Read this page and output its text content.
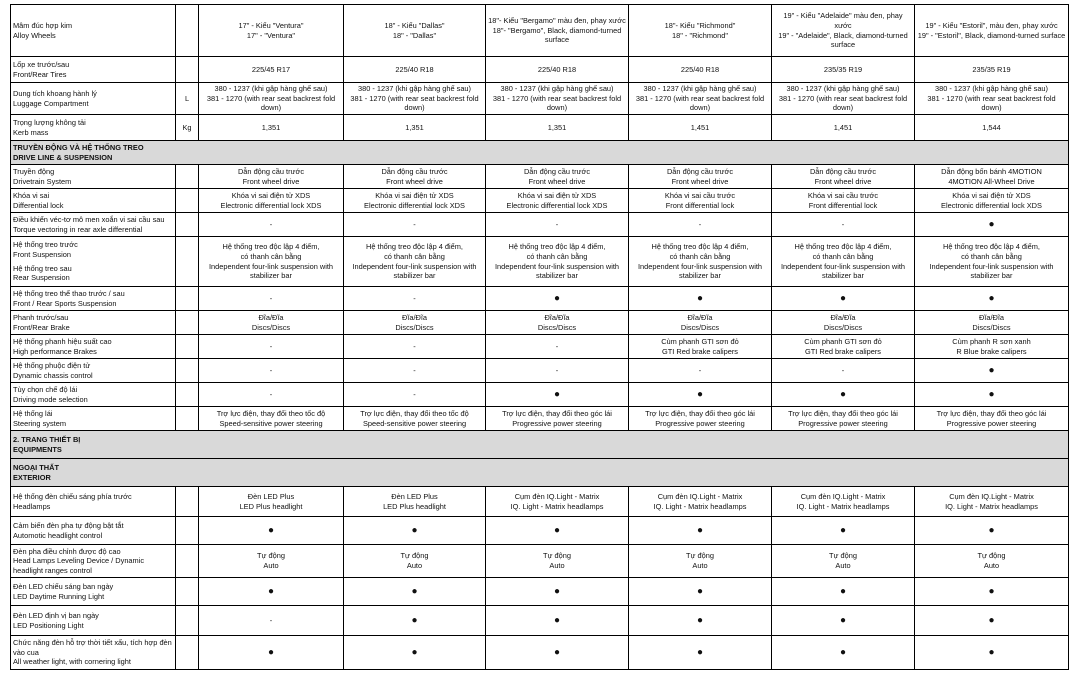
Mâm đúc hợp kim
Alloy Wheels		17" - Kiểu "Ventura"
17" - "Ventura"	18" - Kiểu "Dallas"
18" - "Dallas"	18"- Kiểu "Bergamo" màu đen, phay xước
18"- "Bergamo", Black, diamond-turned surface	18"- Kiểu "Richmond"
18" - "Richmond"	19" - Kiểu "Adelaide" màu đen, phay xước
19" - "Adelaide", Black, diamond-turned surface	19" - Kiểu "Estoril", màu đen, phay xước
19" - "Estoril", Black, diamond-turned surface

Lốp xe trước/sau
Front/Rear Tires		225/45 R17	225/40 R18	225/40 R18	225/40 R18	235/35 R19	235/35 R19

Dung tích khoang hành lý
Luggage Compartment	L	380 - 1237 (khi gập hàng ghế sau)
381 - 1270 (with rear seat backrest fold down)	380 - 1237 (khi gập hàng ghế sau)
381 - 1270 (with rear seat backrest fold down)	380 - 1237 (khi gập hàng ghế sau)
381 - 1270 (with rear seat backrest fold down)	380 - 1237 (khi gập hàng ghế sau)
381 - 1270 (with rear seat backrest fold down)	380 - 1237 (khi gập hàng ghế sau)
381 - 1270 (with rear seat backrest fold down)	380 - 1237 (khi gập hàng ghế sau)
381 - 1270 (with rear seat backrest fold down)

Trọng lượng không tải
Kerb mass	Kg	1,351	1,351	1,351	1,451	1,451	1,544

TRUYỀN ĐỘNG VÀ HỆ THỐNG TREO
DRIVE LINE & SUSPENSION							

Truyền động
Drivetrain System		Dẫn động cầu trước
Front wheel drive	Dẫn động cầu trước
Front wheel drive	Dẫn động cầu trước
Front wheel drive	Dẫn động cầu trước
Front wheel drive	Dẫn động cầu trước
Front wheel drive	Dẫn động bốn bánh 4MOTION
4MOTION All-Wheel Drive

Khóa vi sai
Differential lock		Khóa vi sai điện tử XDS
Electronic differential lock XDS	Khóa vi sai điện tử XDS
Electronic differential lock XDS	Khóa vi sai điện tử XDS
Electronic differential lock XDS	Khóa vi sai cầu trước
Front differential lock	Khóa vi sai cầu trước
Front differential lock	Khóa vi sai điện tử XDS
Electronic differential lock XDS

Điều khiển véc-tơ mô men xoắn vi sai cầu sau
Torque vectoring in rear axle differential		-	-	-	-	-	●

Hệ thống treo trước
Front Suspension
Hệ thống treo sau
Rear Suspension		Hệ thống treo độc lập 4 điểm,
có thanh cân bằng
Independent four-link suspension with stabilizer bar	Hệ thống treo độc lập 4 điểm,
có thanh cân bằng
Independent four-link suspension with stabilizer bar	Hệ thống treo độc lập 4 điểm,
có thanh cân bằng
Independent four-link suspension with stabilizer bar	Hệ thống treo độc lập 4 điểm,
có thanh cân bằng
Independent four-link suspension with stabilizer bar	Hệ thống treo độc lập 4 điểm,
có thanh cân bằng
Independent four-link suspension with stabilizer bar	Hệ thống treo độc lập 4 điểm,
có thanh cân bằng
Independent four-link suspension with stabilizer bar

Hệ thống treo thể thao trước / sau
Front / Rear Sports Suspension		-	-	●	●	●	●

Phanh trước/sau
Front/Rear Brake		Đĩa/Đĩa
Discs/Discs	Đĩa/Đĩa
Discs/Discs	Đĩa/Đĩa
Discs/Discs	Đĩa/Đĩa
Discs/Discs	Đĩa/Đĩa
Discs/Discs	Đĩa/Đĩa
Discs/Discs

Hệ thống phanh hiệu suất cao
High performance Brakes		-	-	-	Cùm phanh GTI sơn đỏ
GTI Red brake calipers	Cùm phanh GTI sơn đỏ
GTI Red brake calipers	Cùm phanh R sơn xanh
R Blue brake calipers

Hệ thống phuộc điện tử
Dynamic chassis control		-	-	-	-	-	●

Tùy chọn chế độ lái
Driving mode selection		-	-	●	●	●	●

Hệ thống lái
Steering system		Trợ lực điện, thay đổi theo tốc độ
Speed-sensitive power steering	Trợ lực điện, thay đổi theo tốc độ
Speed-sensitive power steering	Trợ lực điện, thay đổi theo góc lái
Progressive power steering	Trợ lực điện, thay đổi theo góc lái
Progressive power steering	Trợ lực điện, thay đổi theo góc lái
Progressive power steering	Trợ lực điện, thay đổi theo góc lái
Progressive power steering

2. TRANG THIẾT BỊ
EQUIPMENTS							

NGOẠI THẤT
EXTERIOR							

Hệ thống đèn chiếu sáng phía trước
Headlamps		Đèn LED Plus
LED Plus headlight	Đèn LED Plus
LED Plus headlight	Cụm đèn IQ.Light - Matrix
IQ. Light - Matrix headlamps	Cụm đèn IQ.Light - Matrix
IQ. Light - Matrix headlamps	Cụm đèn IQ.Light - Matrix
IQ. Light - Matrix headlamps	Cụm đèn IQ.Light - Matrix
IQ. Light - Matrix headlamps

Cảm biến đèn pha tự động bật tắt
Automotic headlight control		●	●	●	●	●	●

Đèn pha điều chỉnh được độ cao
Head Lamps Leveling Device / Dynamic headlight ranges control		Tự động
Auto	Tự động
Auto	Tự động
Auto	Tự động
Auto	Tự động
Auto	Tự động
Auto

Đèn LED chiếu sáng ban ngày
LED Daytime Running Light		●	●	●	●	●	●

Đèn LED định vị ban ngày
LED Positioning Light		-	●	●	●	●	●

Chức năng đèn hỗ trợ thời tiết xấu, tích hợp đèn vào cua
All weather light, with cornering light		●	●	●	●	●	●
